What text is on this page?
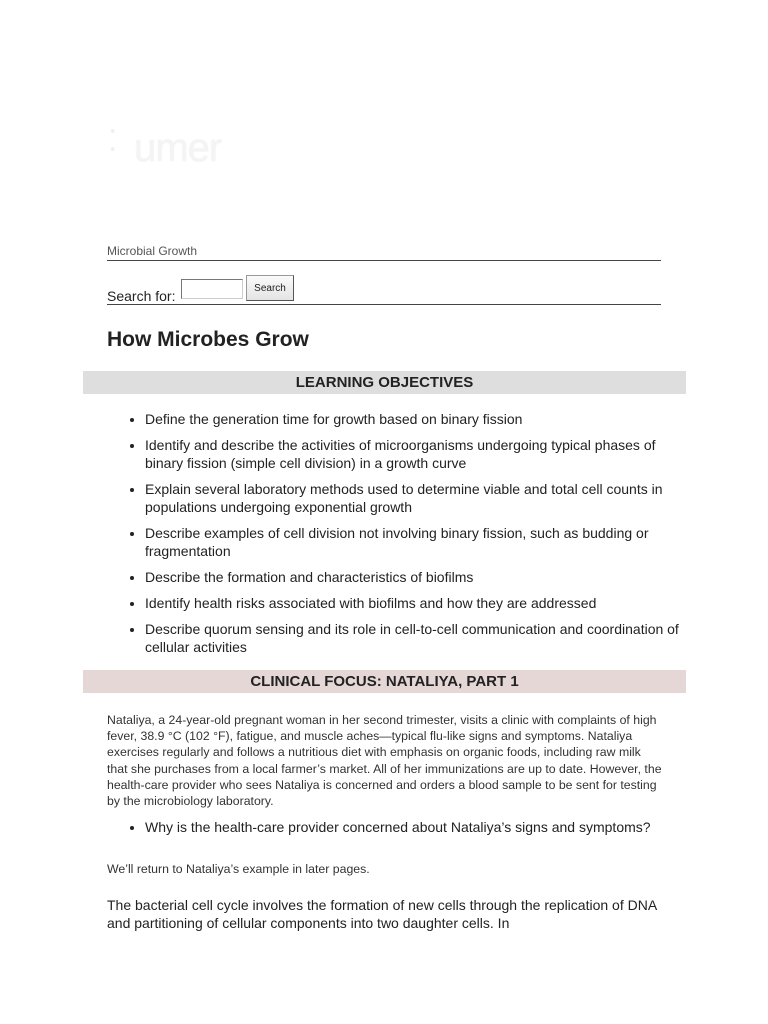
⁚ umer
Microbial Growth
Search for:	Search
How Microbes Grow
LEARNING OBJECTIVES
• Define the generation time for growth based on binary fission
• Identify and describe the activities of microorganisms undergoing typical phases of binary fission (simple cell division) in a growth curve
• Explain several laboratory methods used to determine viable and total cell counts in populations undergoing exponential growth
• Describe examples of cell division not involving binary fission, such as budding or fragmentation
• Describe the formation and characteristics of biofilms
• Identify health risks associated with biofilms and how they are addressed
• Describe quorum sensing and its role in cell-to-cell communication and coordination of cellular activities
CLINICAL FOCUS: NATALIYA, PART 1

Nataliya, a 24-year-old pregnant woman in her second trimester, visits a clinic with complaints of high fever, 38.9 °C (102 °F), fatigue, and muscle aches—typical flu-like signs and symptoms. Nataliya exercises regularly and follows a nutritious diet with emphasis on organic foods, including raw milk that she purchases from a local farmer’s market. All of her immunizations are up to date. However, the health-care provider who sees Nataliya is concerned and orders a blood sample to be sent for testing by the microbiology laboratory.

• Why is the health-care provider concerned about Nataliya’s signs and symptoms?

We’ll return to Nataliya’s example in later pages.

The bacterial cell cycle involves the formation of new cells through the replication of DNA and partitioning of cellular components into two daughter cells. In
